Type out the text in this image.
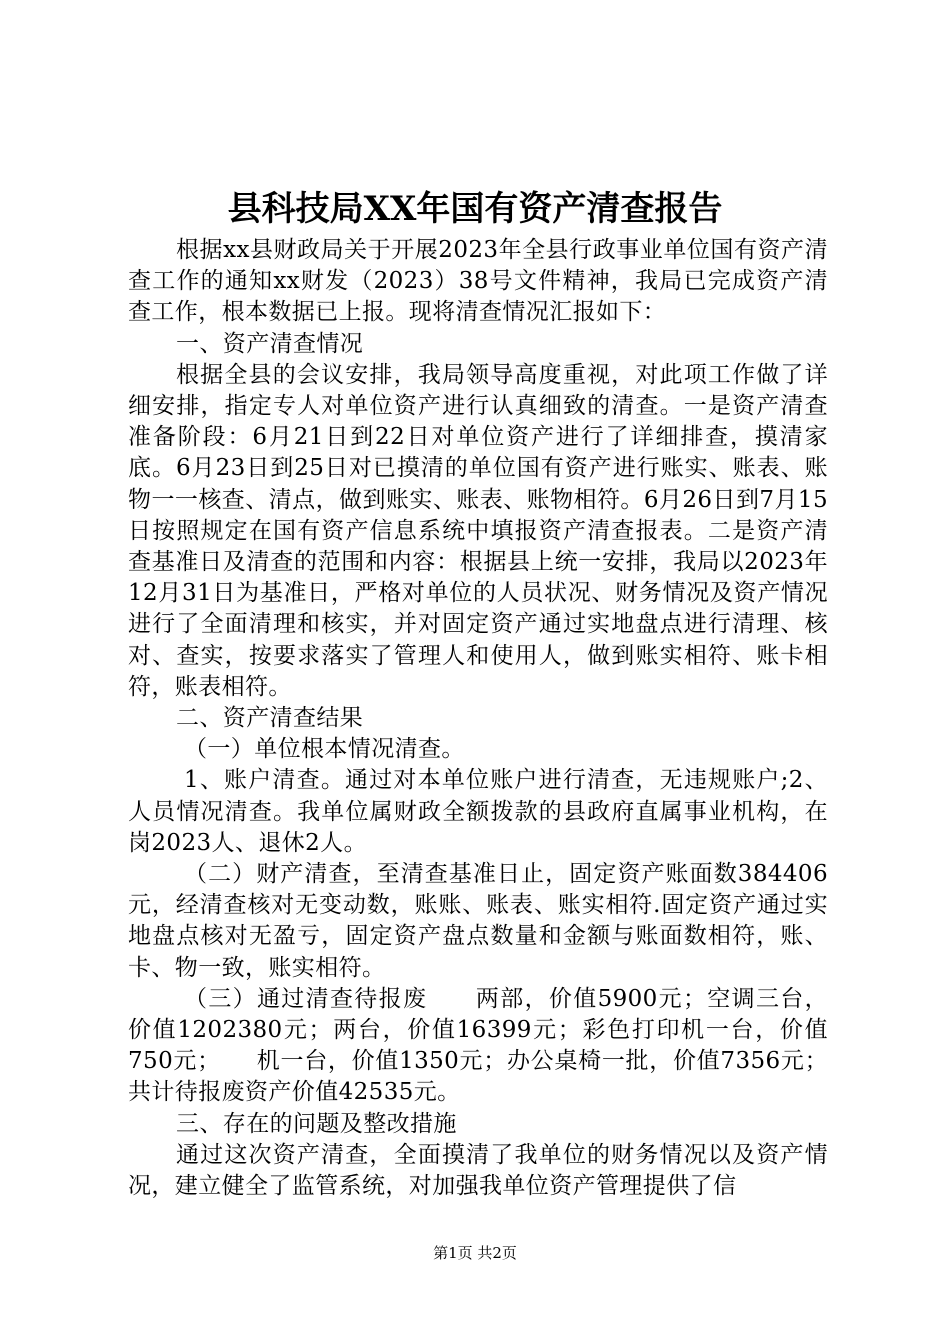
县科技局XX年国有资产清查报告

根据xx县财政局关于开展2023年全县行政事业单位国有资产清查工作的通知xx财发（2023）38号文件精神，我局已完成资产清查工作，根本数据已上报。现将清查情况汇报如下：

一、资产清查情况

根据全县的会议安排，我局领导高度重视，对此项工作做了详细安排，指定专人对单位资产进行认真细致的清查。一是资产清查准备阶段：6月21日到22日对单位资产进行了详细排查，摸清家底。6月23日到25日对已摸清的单位国有资产进行账实、账表、账物一一核查、清点，做到账实、账表、账物相符。6月26日到7月15日按照规定在国有资产信息系统中填报资产清查报表。二是资产清查基准日及清查的范围和内容：根据县上统一安排，我局以2023年12月31日为基准日，严格对单位的人员状况、财务情况及资产情况进行了全面清理和核实，并对固定资产通过实地盘点进行清理、核对、查实，按要求落实了管理人和使用人，做到账实相符、账卡相符，账表相符。

二、资产清查结果

（一）单位根本情况清查。

1、账户清查。通过对本单位账户进行清查，无违规账户;2、人员情况清查。我单位属财政全额拨款的县政府直属事业机构，在岗2023人、退休2人。

（二）财产清查，至清查基准日止，固定资产账面数384406元，经清查核对无变动数，账账、账表、账实相符.固定资产通过实地盘点核对无盈亏，固定资产盘点数量和金额与账面数相符，账、卡、物一致，账实相符。

（三）通过清查待报废　　两部，价值5900元；空调三台，价值1202380元；两台，价值16399元；彩色打印机一台，价值750元；　　机一台，价值1350元；办公桌椅一批，价值7356元；共计待报废资产价值42535元。

三、存在的问题及整改措施

通过这次资产清查，全面摸清了我单位的财务情况以及资产情况，建立健全了监管系统，对加强我单位资产管理提供了信

第1页 共2页
